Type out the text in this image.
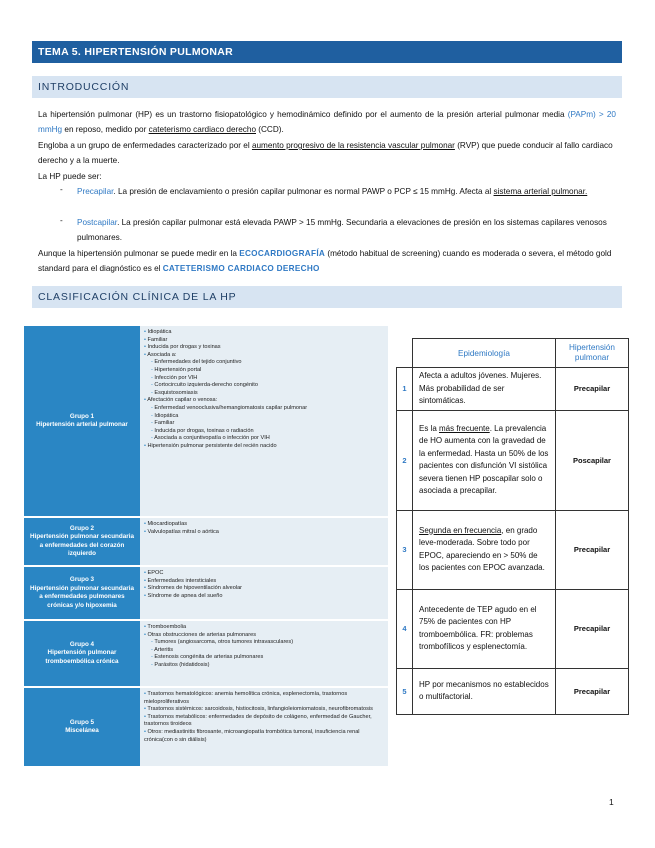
TEMA 5. HIPERTENSIÓN PULMONAR
INTRODUCCIÓN
La hipertensión pulmonar (HP) es un trastorno fisiopatológico y hemodinámico definido por el aumento de la presión arterial pulmonar media (PAPm) > 20 mmHg en reposo, medido por cateterismo cardiaco derecho (CCD).
Engloba a un grupo de enfermedades caracterizado por el aumento progresivo de la resistencia vascular pulmonar (RVP) que puede conducir al fallo cardiaco derecho y a la muerte.
La HP puede ser:
- Precapilar. La presión de enclavamiento o presión capilar pulmonar es normal PAWP o PCP ≤ 15 mmHg. Afecta al sistema arterial pulmonar.
- Postcapilar. La presión capilar pulmonar está elevada PAWP > 15 mmHg. Secundaria a elevaciones de presión en los sistemas capilares venosos pulmonares.
Aunque la hipertensión pulmonar se puede medir en la ECOCARDIOGRAFÍA (método habitual de screening) cuando es moderada o severa, el método gold standard para el diagnóstico es el CATETERISMO CARDIACO DERECHO
CLASIFICACIÓN CLÍNICA DE LA HP
Grupo 1
Hipertensión arterial pulmonar
• Idiopática
• Familiar
• Inducida por drogas y toxinas
• Asociada a:
- Enfermedades del tejido conjuntivo
- Hipertensión portal
- Infección por VIH
- Cortocircuito izquierda-derecho congénito
- Esquistosomiasis
• Afectación capilar o venosa:
- Enfermedad venooclusiva/hemangiomatosis capilar pulmonar
- Idiopática
- Familiar
- Inducida por drogas, toxinas o radiación
- Asociada a conjuntivopatía o infección por VIH
• Hipertensión pulmonar persistente del recién nacido
Grupo 2
Hipertensión pulmonar secundaria a enfermedades del corazón izquierdo
• Miocardiopatías
• Valvulopatías mitral o aórtica
Grupo 3
Hipertensión pulmonar secundaria a enfermedades pulmonares crónicas y/o hipoxemia
• EPOC
• Enfermedades intersticiales
• Síndromes de hipoventilación alveolar
• Síndrome de apnea del sueño
Grupo 4
Hipertensión pulmonar tromboembólica crónica
• Tromboembolia
• Otras obstrucciones de arterias pulmonares
- Tumores (angiosarcoma, otros tumores intravasculares)
- Arteritis
- Estenosis congénita de arterias pulmonares
- Parásitos (hidatidosis)
Grupo 5
Miscelánea
• Trastornos hematológicos: anemia hemolítica crónica, esplenectomía, trastornos mieloproliferativos
• Trastornos sistémicos: sarcoidosis, histiocitosis, linfangioleiomiomatosis, neurofibromatosis
• Trastornos metabólicos: enfermedades de depósito de colágeno, enfermedad de Gaucher, trastornos tiroideos
• Otros: mediastinitis fibrosante, microangiopatía trombótica tumoral, insuficiencia renal crónica(con o sin diálisis)
	Epidemiología	Hipertensión pulmonar
1	Afecta a adultos jóvenes. Mujeres. Más probabilidad de ser sintomáticas.	Precapilar
2	Es la más frecuente. La prevalencia de HO aumenta con la gravedad de la enfermedad. Hasta un 50% de los pacientes con disfunción VI sistólica severa tienen HP poscapilar solo o asociada a precapilar.	Poscapilar
3	Segunda en frecuencia, en grado leve-moderada. Sobre todo por EPOC, apareciendo en > 50% de los pacientes con EPOC avanzada.	Precapilar
4	Antecedente de TEP agudo en el 75% de pacientes con HP tromboembólica. FR: problemas trombofílicos y esplenectomía.	Precapilar
5	HP por mecanismos no establecidos o multifactorial.	Precapilar
1
